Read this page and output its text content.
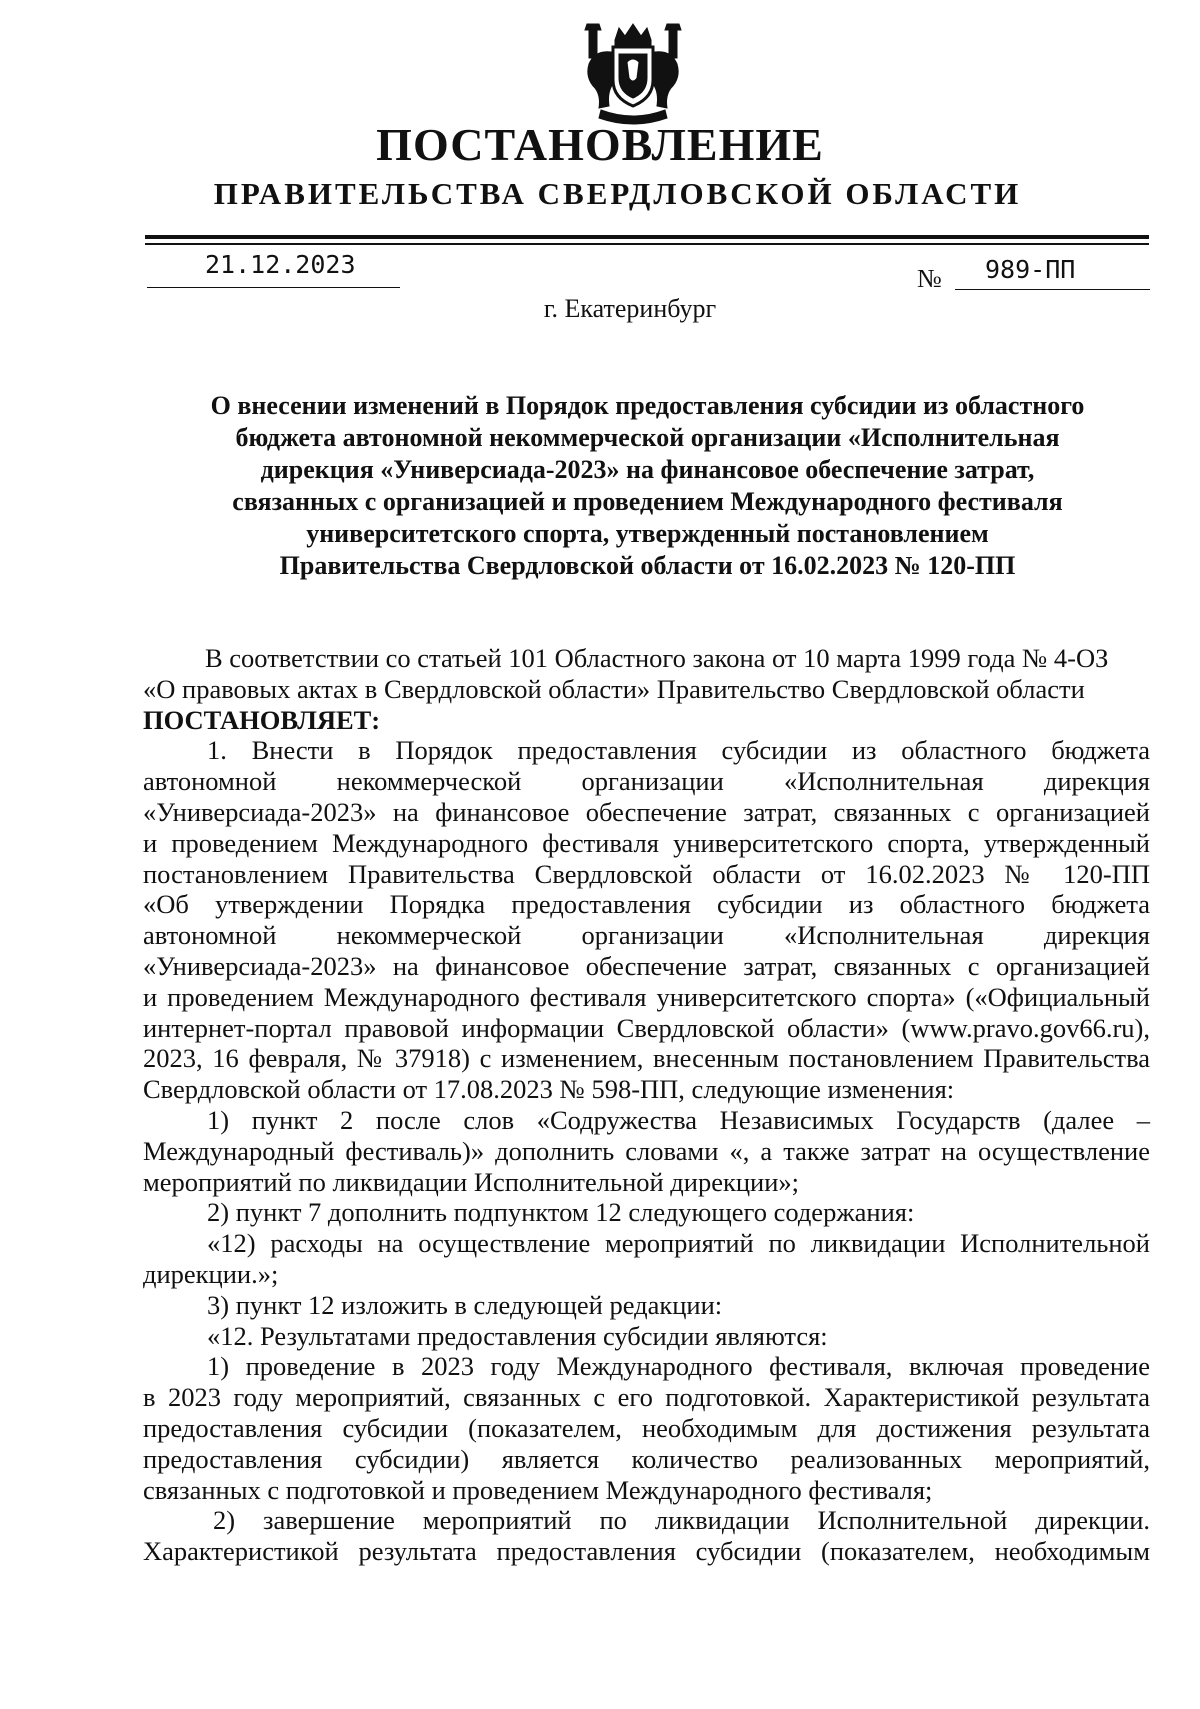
ПОСТАНОВЛЕНИЕ
ПРАВИТЕЛЬСТВА СВЕРДЛОВСКОЙ ОБЛАСТИ
21.12.2023	№ 989-ПП
г. Екатеринбург
О внесении изменений в Порядок предоставления субсидии из областного
бюджета автономной некоммерческой организации «Исполнительная
дирекция «Универсиада-2023» на финансовое обеспечение затрат,
связанных с организацией и проведением Международного фестиваля
университетского спорта, утвержденный постановлением
Правительства Свердловской области от 16.02.2023 № 120-ПП

В соответствии со статьей 101 Областного закона от 10 марта 1999 года № 4-ОЗ
«О правовых актах в Свердловской области» Правительство Свердловской области

ПОСТАНОВЛЯЕТ:

1. Внести в Порядок предоставления субсидии из областного бюджета
автономной некоммерческой организации «Исполнительная дирекция
«Универсиада-2023» на финансовое обеспечение затрат, связанных с организацией
и проведением Международного фестиваля университетского спорта, утвержденный
постановлением Правительства Свердловской области от 16.02.2023 № 120-ПП
«Об утверждении Порядка предоставления субсидии из областного бюджета
автономной некоммерческой организации «Исполнительная дирекция
«Универсиада-2023» на финансовое обеспечение затрат, связанных с организацией
и проведением Международного фестиваля университетского спорта» («Официальный
интернет-портал правовой информации Свердловской области» (www.pravo.gov66.ru),
2023, 16 февраля, № 37918) с изменением, внесенным постановлением Правительства
Свердловской области от 17.08.2023 № 598-ПП, следующие изменения:

1) пункт 2 после слов «Содружества Независимых Государств (далее –
Международный фестиваль)» дополнить словами «, а также затрат на осуществление
мероприятий по ликвидации Исполнительной дирекции»;

2) пункт 7 дополнить подпунктом 12 следующего содержания:

«12) расходы на осуществление мероприятий по ликвидации Исполнительной
дирекции.»;

3) пункт 12 изложить в следующей редакции:

«12. Результатами предоставления субсидии являются:

1) проведение в 2023 году Международного фестиваля, включая проведение
в 2023 году мероприятий, связанных с его подготовкой. Характеристикой результата
предоставления субсидии (показателем, необходимым для достижения результата
предоставления субсидии) является количество реализованных мероприятий,
связанных с подготовкой и проведением Международного фестиваля;

2) завершение мероприятий по ликвидации Исполнительной дирекции.
Характеристикой результата предоставления субсидии (показателем, необходимым
